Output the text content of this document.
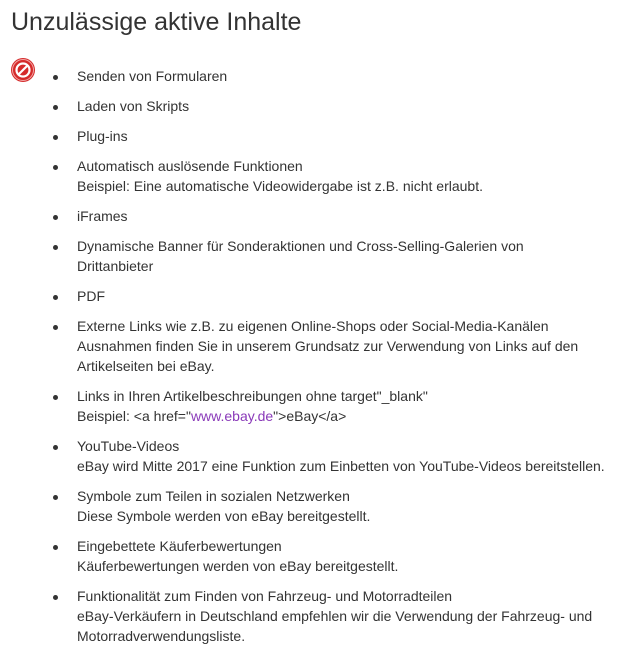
Unzulässige aktive Inhalte
Senden von Formularen
Laden von Skripts
Plug-ins
Automatisch auslösende Funktionen
Beispiel: Eine automatische Videowidergabe ist z.B. nicht erlaubt.
iFrames
Dynamische Banner für Sonderaktionen und Cross-Selling-Galerien von Drittanbieter
PDF
Externe Links wie z.B. zu eigenen Online-Shops oder Social-Media-Kanälen
Ausnahmen finden Sie in unserem Grundsatz zur Verwendung von Links auf den Artikelseiten bei eBay.
Links in Ihren Artikelbeschreibungen ohne target"_blank"
Beispiel: <a href="www.ebay.de">eBay</a>
YouTube-Videos
eBay wird Mitte 2017 eine Funktion zum Einbetten von YouTube-Videos bereitstellen.
Symbole zum Teilen in sozialen Netzwerken
Diese Symbole werden von eBay bereitgestellt.
Eingebettete Käuferbewertungen
Käuferbewertungen werden von eBay bereitgestellt.
Funktionalität zum Finden von Fahrzeug- und Motorradteilen
eBay-Verkäufern in Deutschland empfehlen wir die Verwendung der Fahrzeug- und Motorradverwendungsliste.
